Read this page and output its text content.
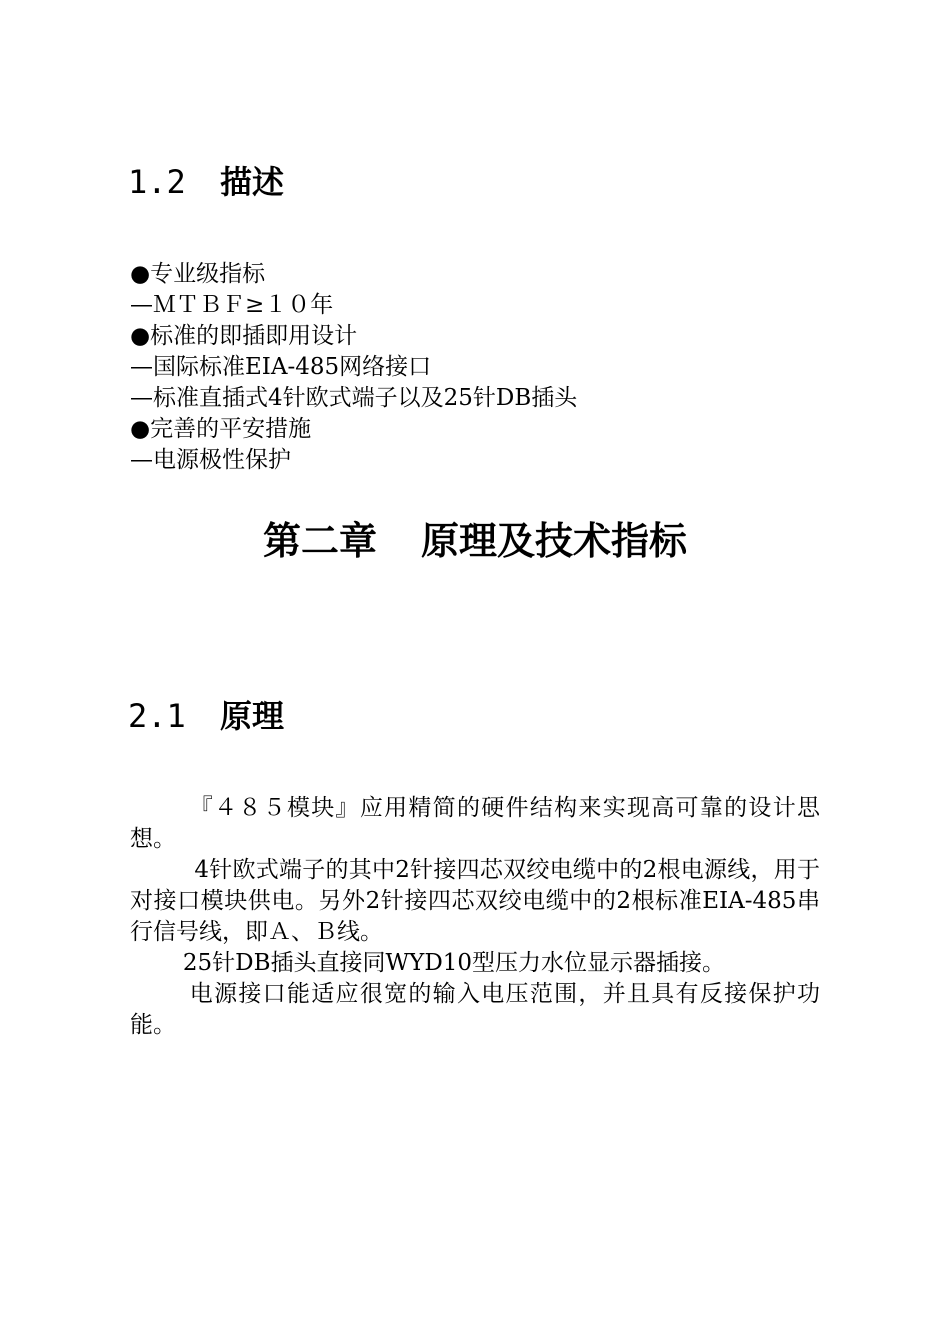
1.2 描述
●专业级指标
—ＭＴＢＦ≥１０年
●标准的即插即用设计
—国际标准EIA-485网络接口
—标准直插式4针欧式端子以及25针DB插头
●完善的平安措施
—电源极性保护
第二章 原理及技术指标
2.1 原理

『４８５模块』应用精简的硬件结构来实现高可靠的设计思想。

4针欧式端子的其中2针接四芯双绞电缆中的2根电源线，用于对接口模块供电。另外2针接四芯双绞电缆中的2根标准EIA-485串行信号线，即Ａ、Ｂ线。

25针DB插头直接同WYD10型压力水位显示器插接。

电源接口能适应很宽的输入电压范围，并且具有反接保护功能。
